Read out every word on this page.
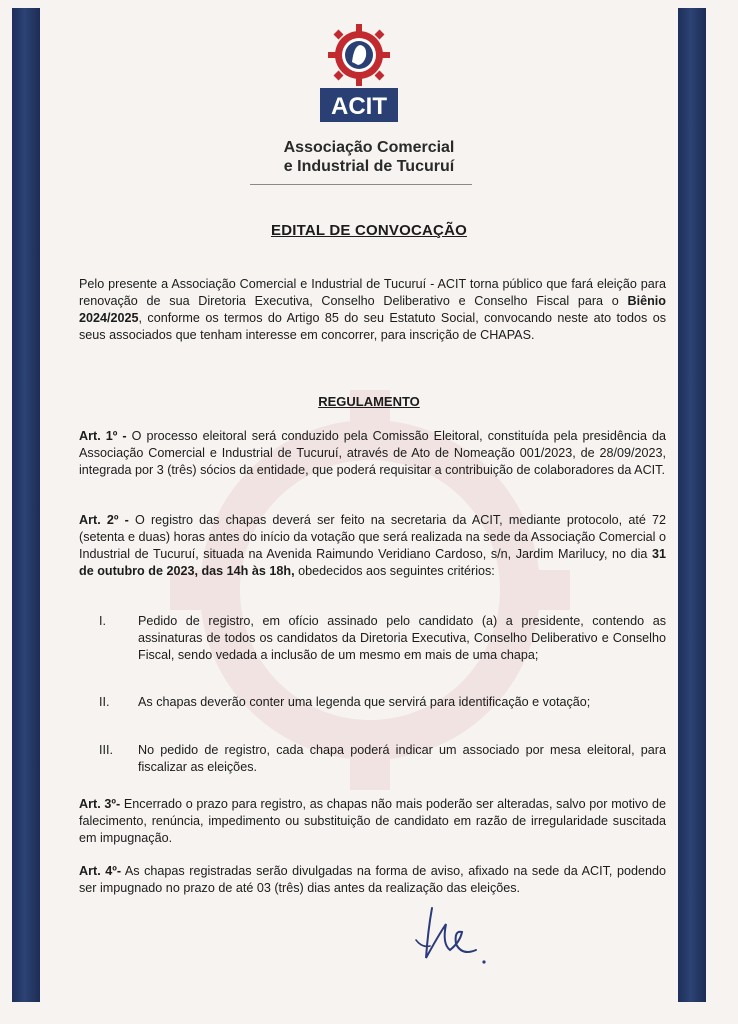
ACIT
Associação Comercial
e Industrial de Tucuruí
EDITAL DE CONVOCAÇÃO
Pelo presente a Associação Comercial e Industrial de Tucuruí - ACIT torna público que fará eleição para renovação de sua Diretoria Executiva, Conselho Deliberativo e Conselho Fiscal para o Biênio 2024/2025, conforme os termos do Artigo 85 do seu Estatuto Social, convocando neste ato todos os seus associados que tenham interesse em concorrer, para inscrição de CHAPAS.
REGULAMENTO
Art. 1º - O processo eleitoral será conduzido pela Comissão Eleitoral, constituída pela presidência da Associação Comercial e Industrial de Tucuruí, através de Ato de Nomeação 001/2023, de 28/09/2023, integrada por 3 (três) sócios da entidade, que poderá requisitar a contribuição de colaboradores da ACIT.
Art. 2º - O registro das chapas deverá ser feito na secretaria da ACIT, mediante protocolo, até 72 (setenta e duas) horas antes do início da votação que será realizada na sede da Associação Comercial o Industrial de Tucuruí, situada na Avenida Raimundo Veridiano Cardoso, s/n, Jardim Marilucy, no dia 31 de outubro de 2023, das 14h às 18h, obedecidos aos seguintes critérios:
I.	Pedido de registro, em ofício assinado pelo candidato (a) a presidente, contendo as assinaturas de todos os candidatos da Diretoria Executiva, Conselho Deliberativo e Conselho Fiscal, sendo vedada a inclusão de um mesmo em mais de uma chapa;
II. As chapas deverão conter uma legenda que servirá para identificação e votação;
III. No pedido de registro, cada chapa poderá indicar um associado por mesa eleitoral, para fiscalizar as eleições.
Art. 3º- Encerrado o prazo para registro, as chapas não mais poderão ser alteradas, salvo por motivo de falecimento, renúncia, impedimento ou substituição de candidato em razão de irregularidade suscitada em impugnação.
Art. 4º- As chapas registradas serão divulgadas na forma de aviso, afixado na sede da ACIT, podendo ser impugnado no prazo de até 03 (três) dias antes da realização das eleições.
